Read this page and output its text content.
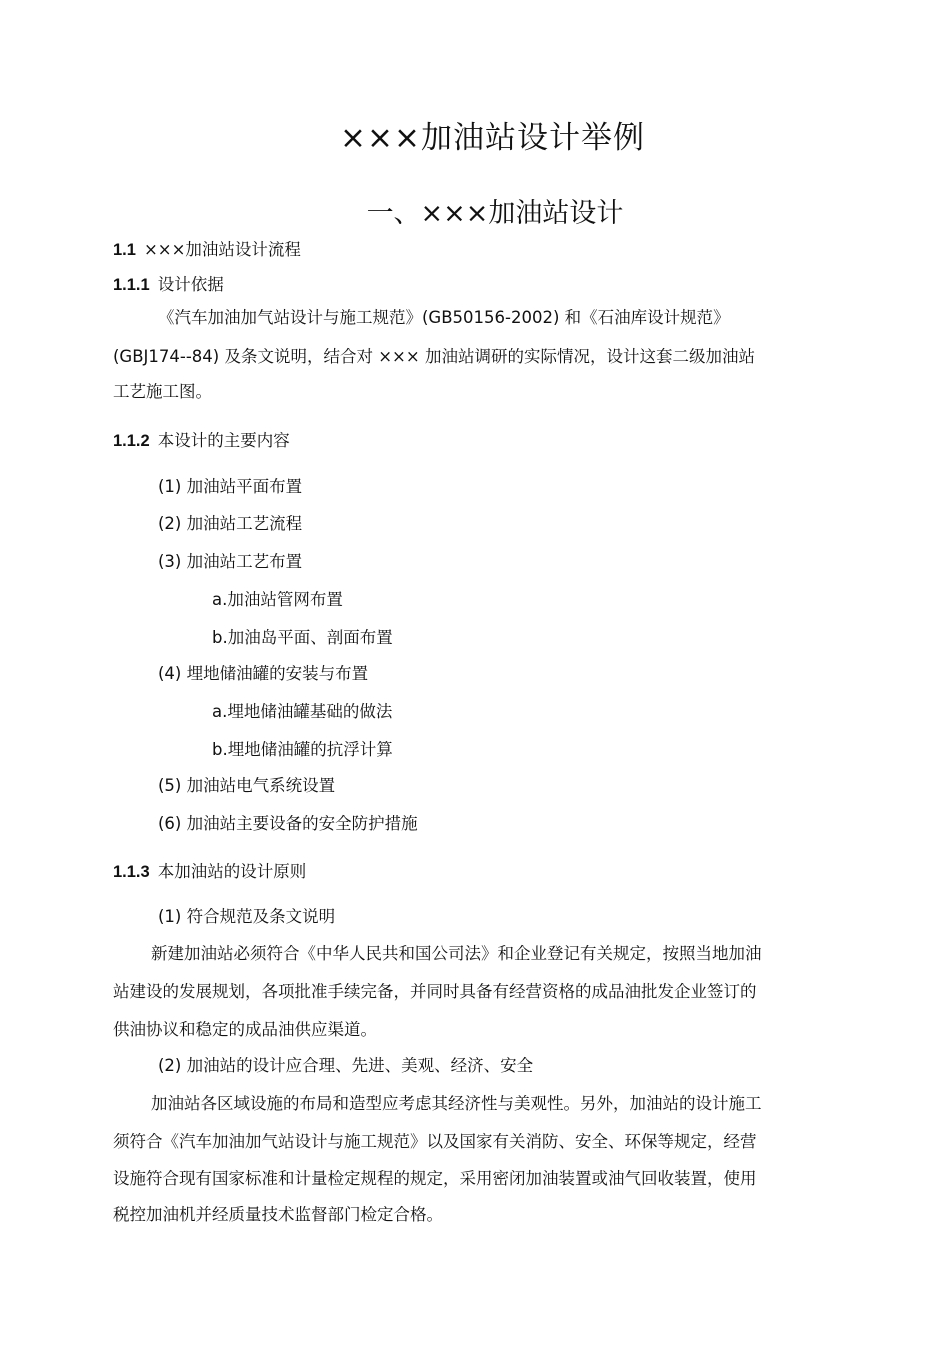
×××加油站设计举例
一、×××加油站设计
1.1 ×××加油站设计流程
1.1.1 设计依据
《汽车加油加气站设计与施工规范》(GB50156-2002) 和《石油库设计规范》
(GBJ174--84) 及条文说明，结合对 ××× 加油站调研的实际情况，设计这套二级加油站
工艺施工图。
1.1.2 本设计的主要内容
(1) 加油站平面布置
(2) 加油站工艺流程
(3) 加油站工艺布置
a.加油站管网布置
b.加油岛平面、剖面布置
(4) 埋地储油罐的安装与布置
a.埋地储油罐基础的做法
b.埋地储油罐的抗浮计算
(5) 加油站电气系统设置
(6) 加油站主要设备的安全防护措施
1.1.3 本加油站的设计原则
(1) 符合规范及条文说明
新建加油站必须符合《中华人民共和国公司法》和企业登记有关规定，按照当地加油
站建设的发展规划，各项批准手续完备，并同时具备有经营资格的成品油批发企业签订的
供油协议和稳定的成品油供应渠道。
(2) 加油站的设计应合理、先进、美观、经济、安全
加油站各区域设施的布局和造型应考虑其经济性与美观性。另外，加油站的设计施工
须符合《汽车加油加气站设计与施工规范》以及国家有关消防、安全、环保等规定，经营
设施符合现有国家标准和计量检定规程的规定，采用密闭加油装置或油气回收装置，使用
税控加油机并经质量技术监督部门检定合格。
